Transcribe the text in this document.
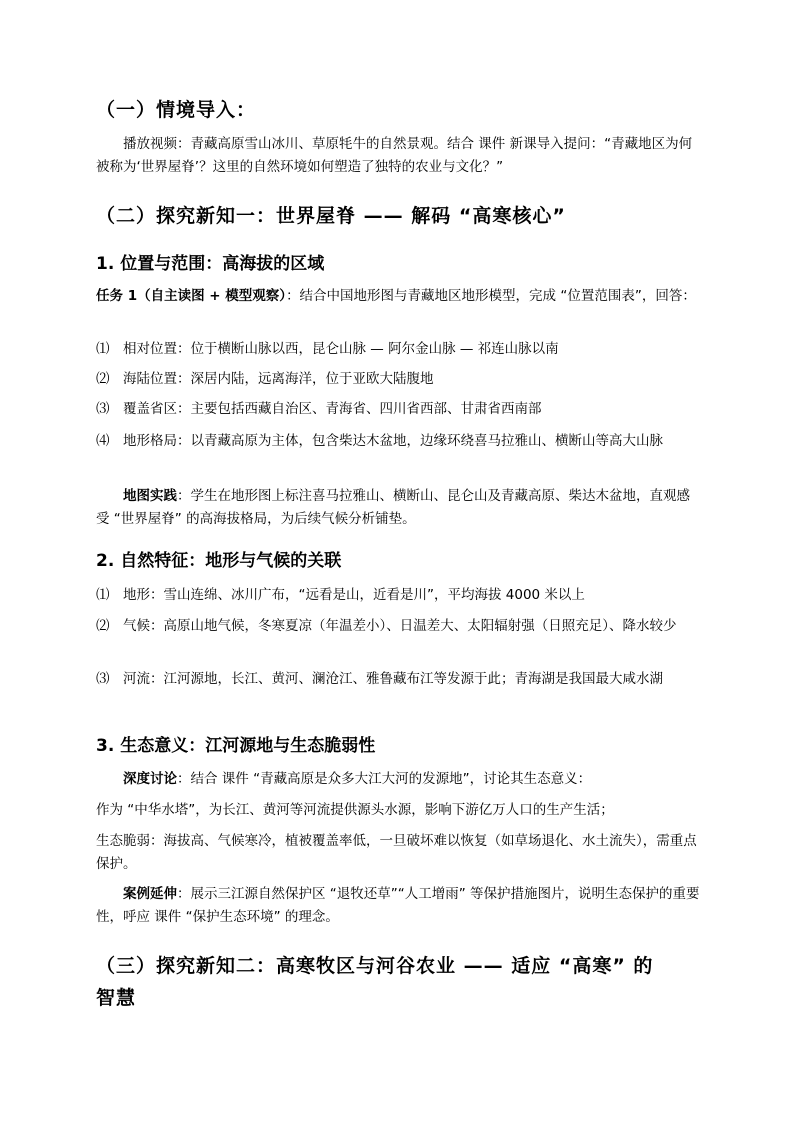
（一）情境导入：
播放视频：青藏高原雪山冰川、草原牦牛的自然景观。结合 课件 新课导入提问：“青藏地区为何被称为‘世界屋脊’？这里的自然环境如何塑造了独特的农业与文化？”
（二）探究新知一：世界屋脊 —— 解码 “高寒核心”
1. 位置与范围：高海拔的区域
任务 1（自主读图 + 模型观察）：结合中国地形图与青藏地区地形模型，完成 “位置范围表”，回答：
⑴ 相对位置：位于横断山脉以西，昆仑山脉 — 阿尔金山脉 — 祁连山脉以南
⑵ 海陆位置：深居内陆，远离海洋，位于亚欧大陆腹地
⑶ 覆盖省区：主要包括西藏自治区、青海省、四川省西部、甘肃省西南部
⑷ 地形格局：以青藏高原为主体，包含柴达木盆地，边缘环绕喜马拉雅山、横断山等高大山脉
地图实践：学生在地形图上标注喜马拉雅山、横断山、昆仑山及青藏高原、柴达木盆地，直观感受 “世界屋脊” 的高海拔格局，为后续气候分析铺垫。
2. 自然特征：地形与气候的关联
⑴ 地形：雪山连绵、冰川广布，“远看是山，近看是川”，平均海拔 4000 米以上
⑵ 气候：高原山地气候，冬寒夏凉（年温差小）、日温差大、太阳辐射强（日照充足）、降水较少
⑶ 河流：江河源地，长江、黄河、澜沧江、雅鲁藏布江等发源于此；青海湖是我国最大咸水湖
3. 生态意义：江河源地与生态脆弱性
深度讨论：结合 课件 “青藏高原是众多大江大河的发源地”，讨论其生态意义：
作为 “中华水塔”，为长江、黄河等河流提供源头水源，影响下游亿万人口的生产生活；
生态脆弱：海拔高、气候寒冷，植被覆盖率低，一旦破坏难以恢复（如草场退化、水土流失），需重点保护。
案例延伸：展示三江源自然保护区 “退牧还草”“人工增雨” 等保护措施图片，说明生态保护的重要性，呼应 课件 “保护生态环境” 的理念。
（三）探究新知二：高寒牧区与河谷农业 —— 适应 “高寒” 的
智慧
